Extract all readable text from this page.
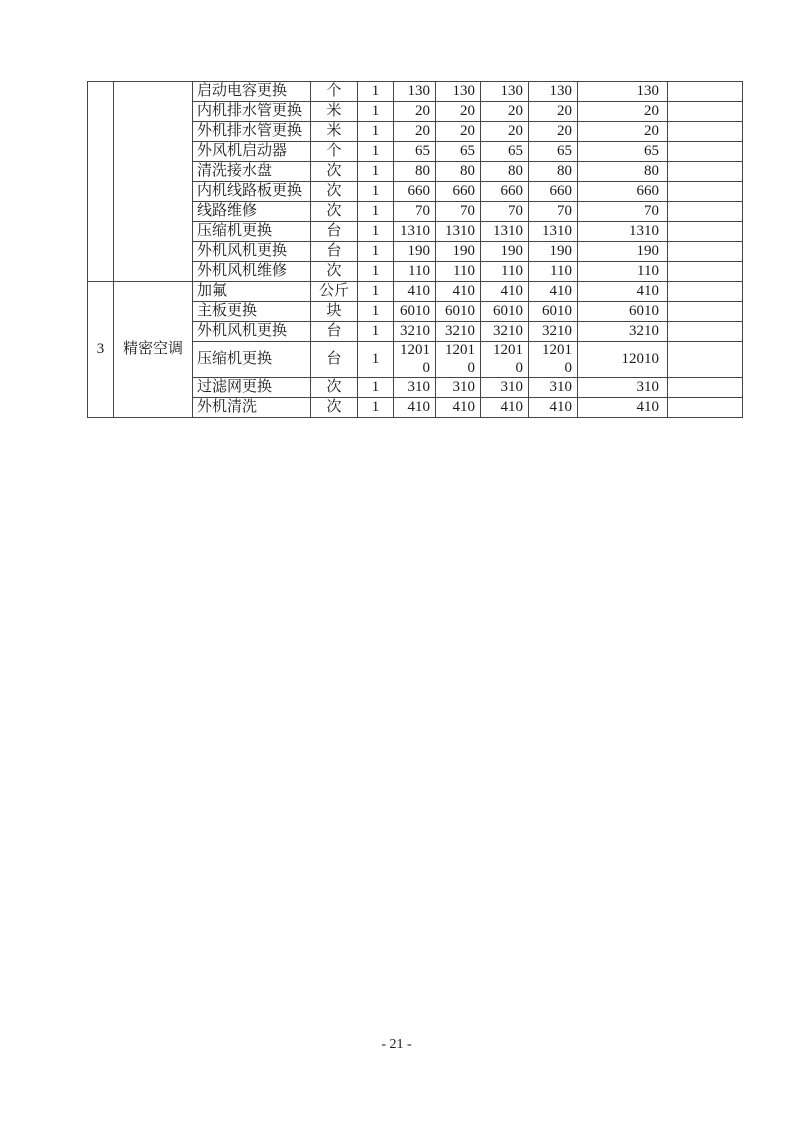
		启动电容更换	个	1	130	130	130	130	130	
		内机排水管更换	米	1	20	20	20	20	20	
		外机排水管更换	米	1	20	20	20	20	20	
		外风机启动器	个	1	65	65	65	65	65	
		清洗接水盘	次	1	80	80	80	80	80	
		内机线路板更换	次	1	660	660	660	660	660	
		线路维修	次	1	70	70	70	70	70	
		压缩机更换	台	1	1310	1310	1310	1310	1310	
		外机风机更换	台	1	190	190	190	190	190	
		外机风机维修	次	1	110	110	110	110	110	
3	精密空调	加氟	公斤	1	410	410	410	410	410	
		主板更换	块	1	6010	6010	6010	6010	6010	
		外机风机更换	台	1	3210	3210	3210	3210	3210	
		压缩机更换	台	1	12010	12010	12010	12010	12010	
		过滤网更换	次	1	310	310	310	310	310	
		外机清洗	次	1	410	410	410	410	410	
- 21 -
